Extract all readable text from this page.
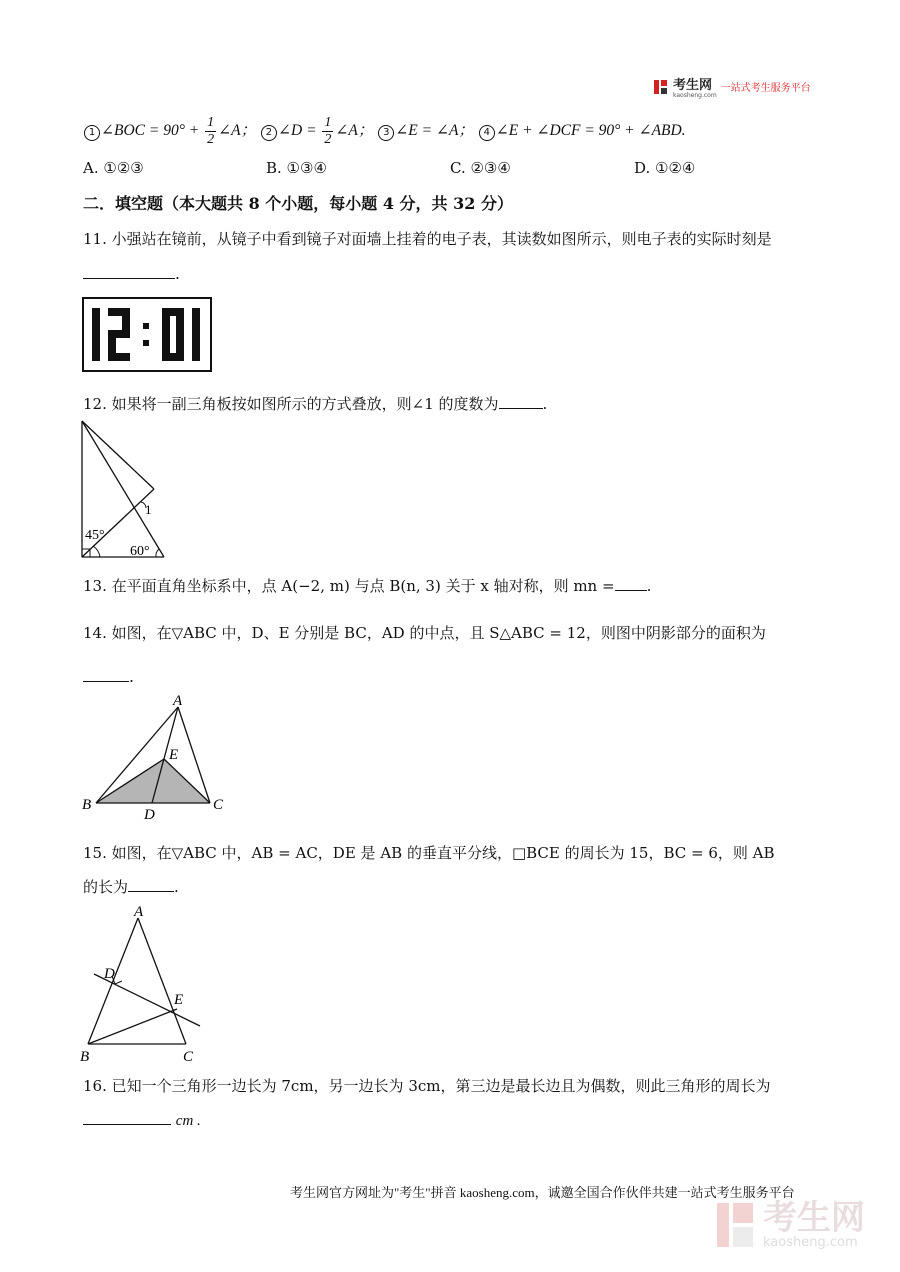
考生网
kaosheng.com
一站式考生服务平台
1 ∠BOC = $90^\circ + \frac{1}{2}$ ∠A； 2 ∠D = $\frac{1}{2}$ ∠A； 3 ∠E = ∠A； 4 ∠E + ∠DCF = 90° + ∠ABD.
A. ①②③	B. ①③④	C. ②③④	D. ①②④
二．填空题（本大题共 8 个小题，每小题 4 分，共 32 分）
11. 小强站在镜前，从镜子中看到镜子对面墙上挂着的电子表，其读数如图所示，则电子表的实际时刻是
.
12. 如果将一副三角板按如图所示的方式叠放，则∠1 的度数为	.
45°
60°
1
13. 在平面直角坐标系中，点 A(−2, m) 与点 B(n, 3) 关于 x 轴对称，则 mn = .
14. 如图，在▽ABC 中，D、E 分别是 BC，AD 的中点，且 S△ABC = 12，则图中阴影部分的面积为
.
A
B	C
D
E
15. 如图，在▽ABC 中，AB = AC，DE 是 AB 的垂直平分线，□BCE 的周长为 15，BC = 6，则 AB
的长为	.
A
B	C
D
E
16. 已知一个三角形一边长为 7cm，另一边长为 3cm，第三边是最长边且为偶数，则此三角形的周长为
cm .
考生网官方网址为"考生"拼音 kaosheng.com，诚邀全国合作伙伴共建一站式考生服务平台
考生网
kaosheng.com
